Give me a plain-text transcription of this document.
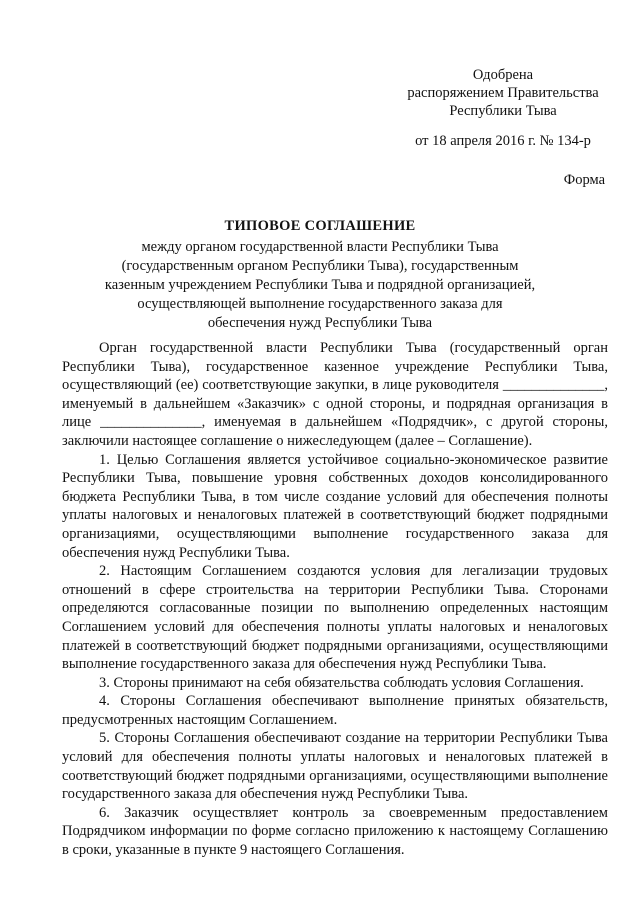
Одобрена
распоряжением Правительства
Республики Тыва
от 18 апреля 2016 г. № 134-р
Форма
ТИПОВОЕ СОГЛАШЕНИЕ
между органом государственной власти Республики Тыва (государственным органом Республики Тыва), государственным казенным учреждением Республики Тыва и подрядной организацией, осуществляющей выполнение государственного заказа для обеспечения нужд Республики Тыва

Орган государственной власти Республики Тыва (государственный орган Республики Тыва), государственное казенное учреждение Республики Тыва, осуществляющий (ее) соответствующие закупки, в лице руководителя ______________, именуемый в дальнейшем «Заказчик» с одной стороны, и подрядная организация в лице ______________, именуемая в дальнейшем «Подрядчик», с другой стороны, заключили настоящее соглашение о нижеследующем (далее – Соглашение).

1. Целью Соглашения является устойчивое социально-экономическое развитие Республики Тыва, повышение уровня собственных доходов консолидированного бюджета Республики Тыва, в том числе создание условий для обеспечения полноты уплаты налоговых и неналоговых платежей в соответствующий бюджет подрядными организациями, осуществляющими выполнение государственного заказа для обеспечения нужд Республики Тыва.

2. Настоящим Соглашением создаются условия для легализации трудовых отношений в сфере строительства на территории Республики Тыва. Сторонами определяются согласованные позиции по выполнению определенных настоящим Соглашением условий для обеспечения полноты уплаты налоговых и неналоговых платежей в соответствующий бюджет подрядными организациями, осуществляющими выполнение государственного заказа для обеспечения нужд Республики Тыва.

3. Стороны принимают на себя обязательства соблюдать условия Соглашения.

4. Стороны Соглашения обеспечивают выполнение принятых обязательств, предусмотренных настоящим Соглашением.

5. Стороны Соглашения обеспечивают создание на территории Республики Тыва условий для обеспечения полноты уплаты налоговых и неналоговых платежей в соответствующий бюджет подрядными организациями, осуществляющими выполнение государственного заказа для обеспечения нужд Республики Тыва.

6. Заказчик осуществляет контроль за своевременным предоставлением Подрядчиком информации по форме согласно приложению к настоящему Соглашению в сроки, указанные в пункте 9 настоящего Соглашения.
